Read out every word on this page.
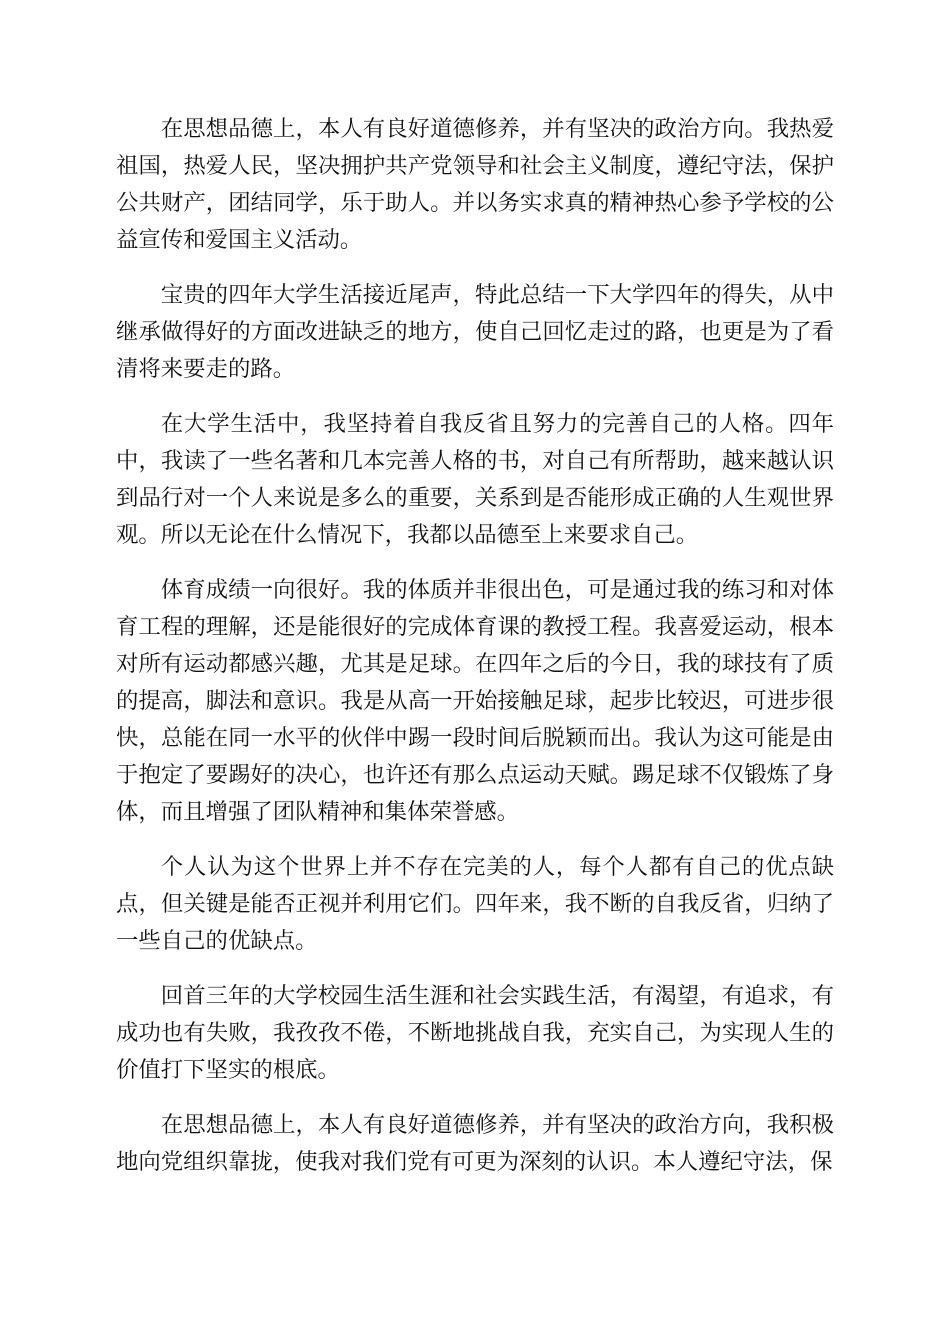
在思想品德上，本人有良好道德修养，并有坚决的政治方向。我热爱祖国，热爱人民，坚决拥护共产党领导和社会主义制度，遵纪守法，保护公共财产，团结同学，乐于助人。并以务实求真的精神热心参予学校的公益宣传和爱国主义活动。

宝贵的四年大学生活接近尾声，特此总结一下大学四年的得失，从中继承做得好的方面改进缺乏的地方，使自己回忆走过的路，也更是为了看清将来要走的路。

在大学生活中，我坚持着自我反省且努力的完善自己的人格。四年中，我读了一些名著和几本完善人格的书，对自己有所帮助，越来越认识到品行对一个人来说是多么的重要，关系到是否能形成正确的人生观世界观。所以无论在什么情况下，我都以品德至上来要求自己。

体育成绩一向很好。我的体质并非很出色，可是通过我的练习和对体育工程的理解，还是能很好的完成体育课的教授工程。我喜爱运动，根本对所有运动都感兴趣，尤其是足球。在四年之后的今日，我的球技有了质的提高，脚法和意识。我是从高一开始接触足球，起步比较迟，可进步很快，总能在同一水平的伙伴中踢一段时间后脱颖而出。我认为这可能是由于抱定了要踢好的决心，也许还有那么点运动天赋。踢足球不仅锻炼了身体，而且增强了团队精神和集体荣誉感。

个人认为这个世界上并不存在完美的人，每个人都有自己的优点缺点，但关键是能否正视并利用它们。四年来，我不断的自我反省，归纳了一些自己的优缺点。

回首三年的大学校园生活生涯和社会实践生活，有渴望，有追求，有成功也有失败，我孜孜不倦，不断地挑战自我，充实自己，为实现人生的价值打下坚实的根底。

在思想品德上，本人有良好道德修养，并有坚决的政治方向，我积极地向党组织靠拢，使我对我们党有可更为深刻的认识。本人遵纪守法，保
